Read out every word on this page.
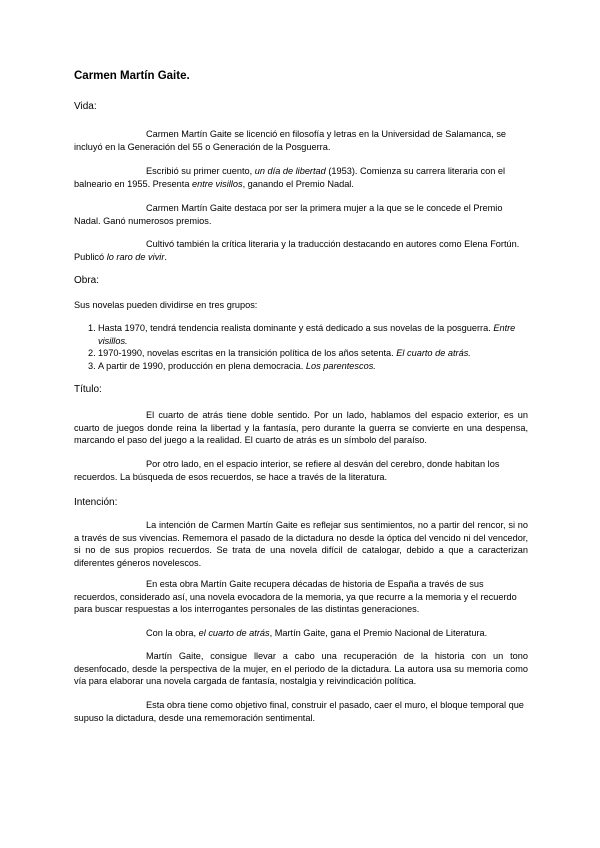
Carmen Martín Gaite.
Vida:
Carmen Martín Gaite se licenció en filosofía y letras en la Universidad de Salamanca, se incluyó en la Generación del 55 o Generación de la Posguerra.
Escribió su primer cuento, un día de libertad (1953). Comienza su carrera literaria con el balneario en 1955. Presenta entre visillos, ganando el Premio Nadal.
Carmen Martín Gaite destaca por ser la primera mujer a la que se le concede el Premio Nadal. Ganó numerosos premios.
Cultivó también la crítica literaria y la traducción destacando en autores como Elena Fortún. Publicó lo raro de vivir.
Obra:
Sus novelas pueden dividirse en tres grupos:
1. Hasta 1970, tendrá tendencia realista dominante y está dedicado a sus novelas de la posguerra. Entre visillos.
2. 1970-1990, novelas escritas en la transición política de los años setenta. El cuarto de atrás.
3. A partir de 1990, producción en plena democracia. Los parentescos.
Título:
El cuarto de atrás tiene doble sentido. Por un lado, hablamos del espacio exterior, es un cuarto de juegos donde reina la libertad y la fantasía, pero durante la guerra se convierte en una despensa, marcando el paso del juego a la realidad. El cuarto de atrás es un símbolo del paraíso.
Por otro lado, en el espacio interior, se refiere al desván del cerebro, donde habitan los recuerdos. La búsqueda de esos recuerdos, se hace a través de la literatura.
Intención:
La intención de Carmen Martín Gaite es reflejar sus sentimientos, no a partir del rencor, si no a través de sus vivencias. Rememora el pasado de la dictadura no desde la óptica del vencido ni del vencedor, si no de sus propios recuerdos. Se trata de una novela difícil de catalogar, debido a que a caracterizan diferentes géneros novelescos.
En esta obra Martín Gaite recupera décadas de historia de España a través de sus recuerdos, considerado así, una novela evocadora de la memoria, ya que recurre a la memoria y el recuerdo para buscar respuestas a los interrogantes personales de las distintas generaciones.
Con la obra, el cuarto de atrás, Martín Gaite, gana el Premio Nacional de Literatura.
Martín Gaite, consigue llevar a cabo una recuperación de la historia con un tono desenfocado, desde la perspectiva de la mujer, en el periodo de la dictadura. La autora usa su memoria como vía para elaborar una novela cargada de fantasía, nostalgia y reivindicación política.
Esta obra tiene como objetivo final, construir el pasado, caer el muro, el bloque temporal que supuso la dictadura, desde una rememoración sentimental.
